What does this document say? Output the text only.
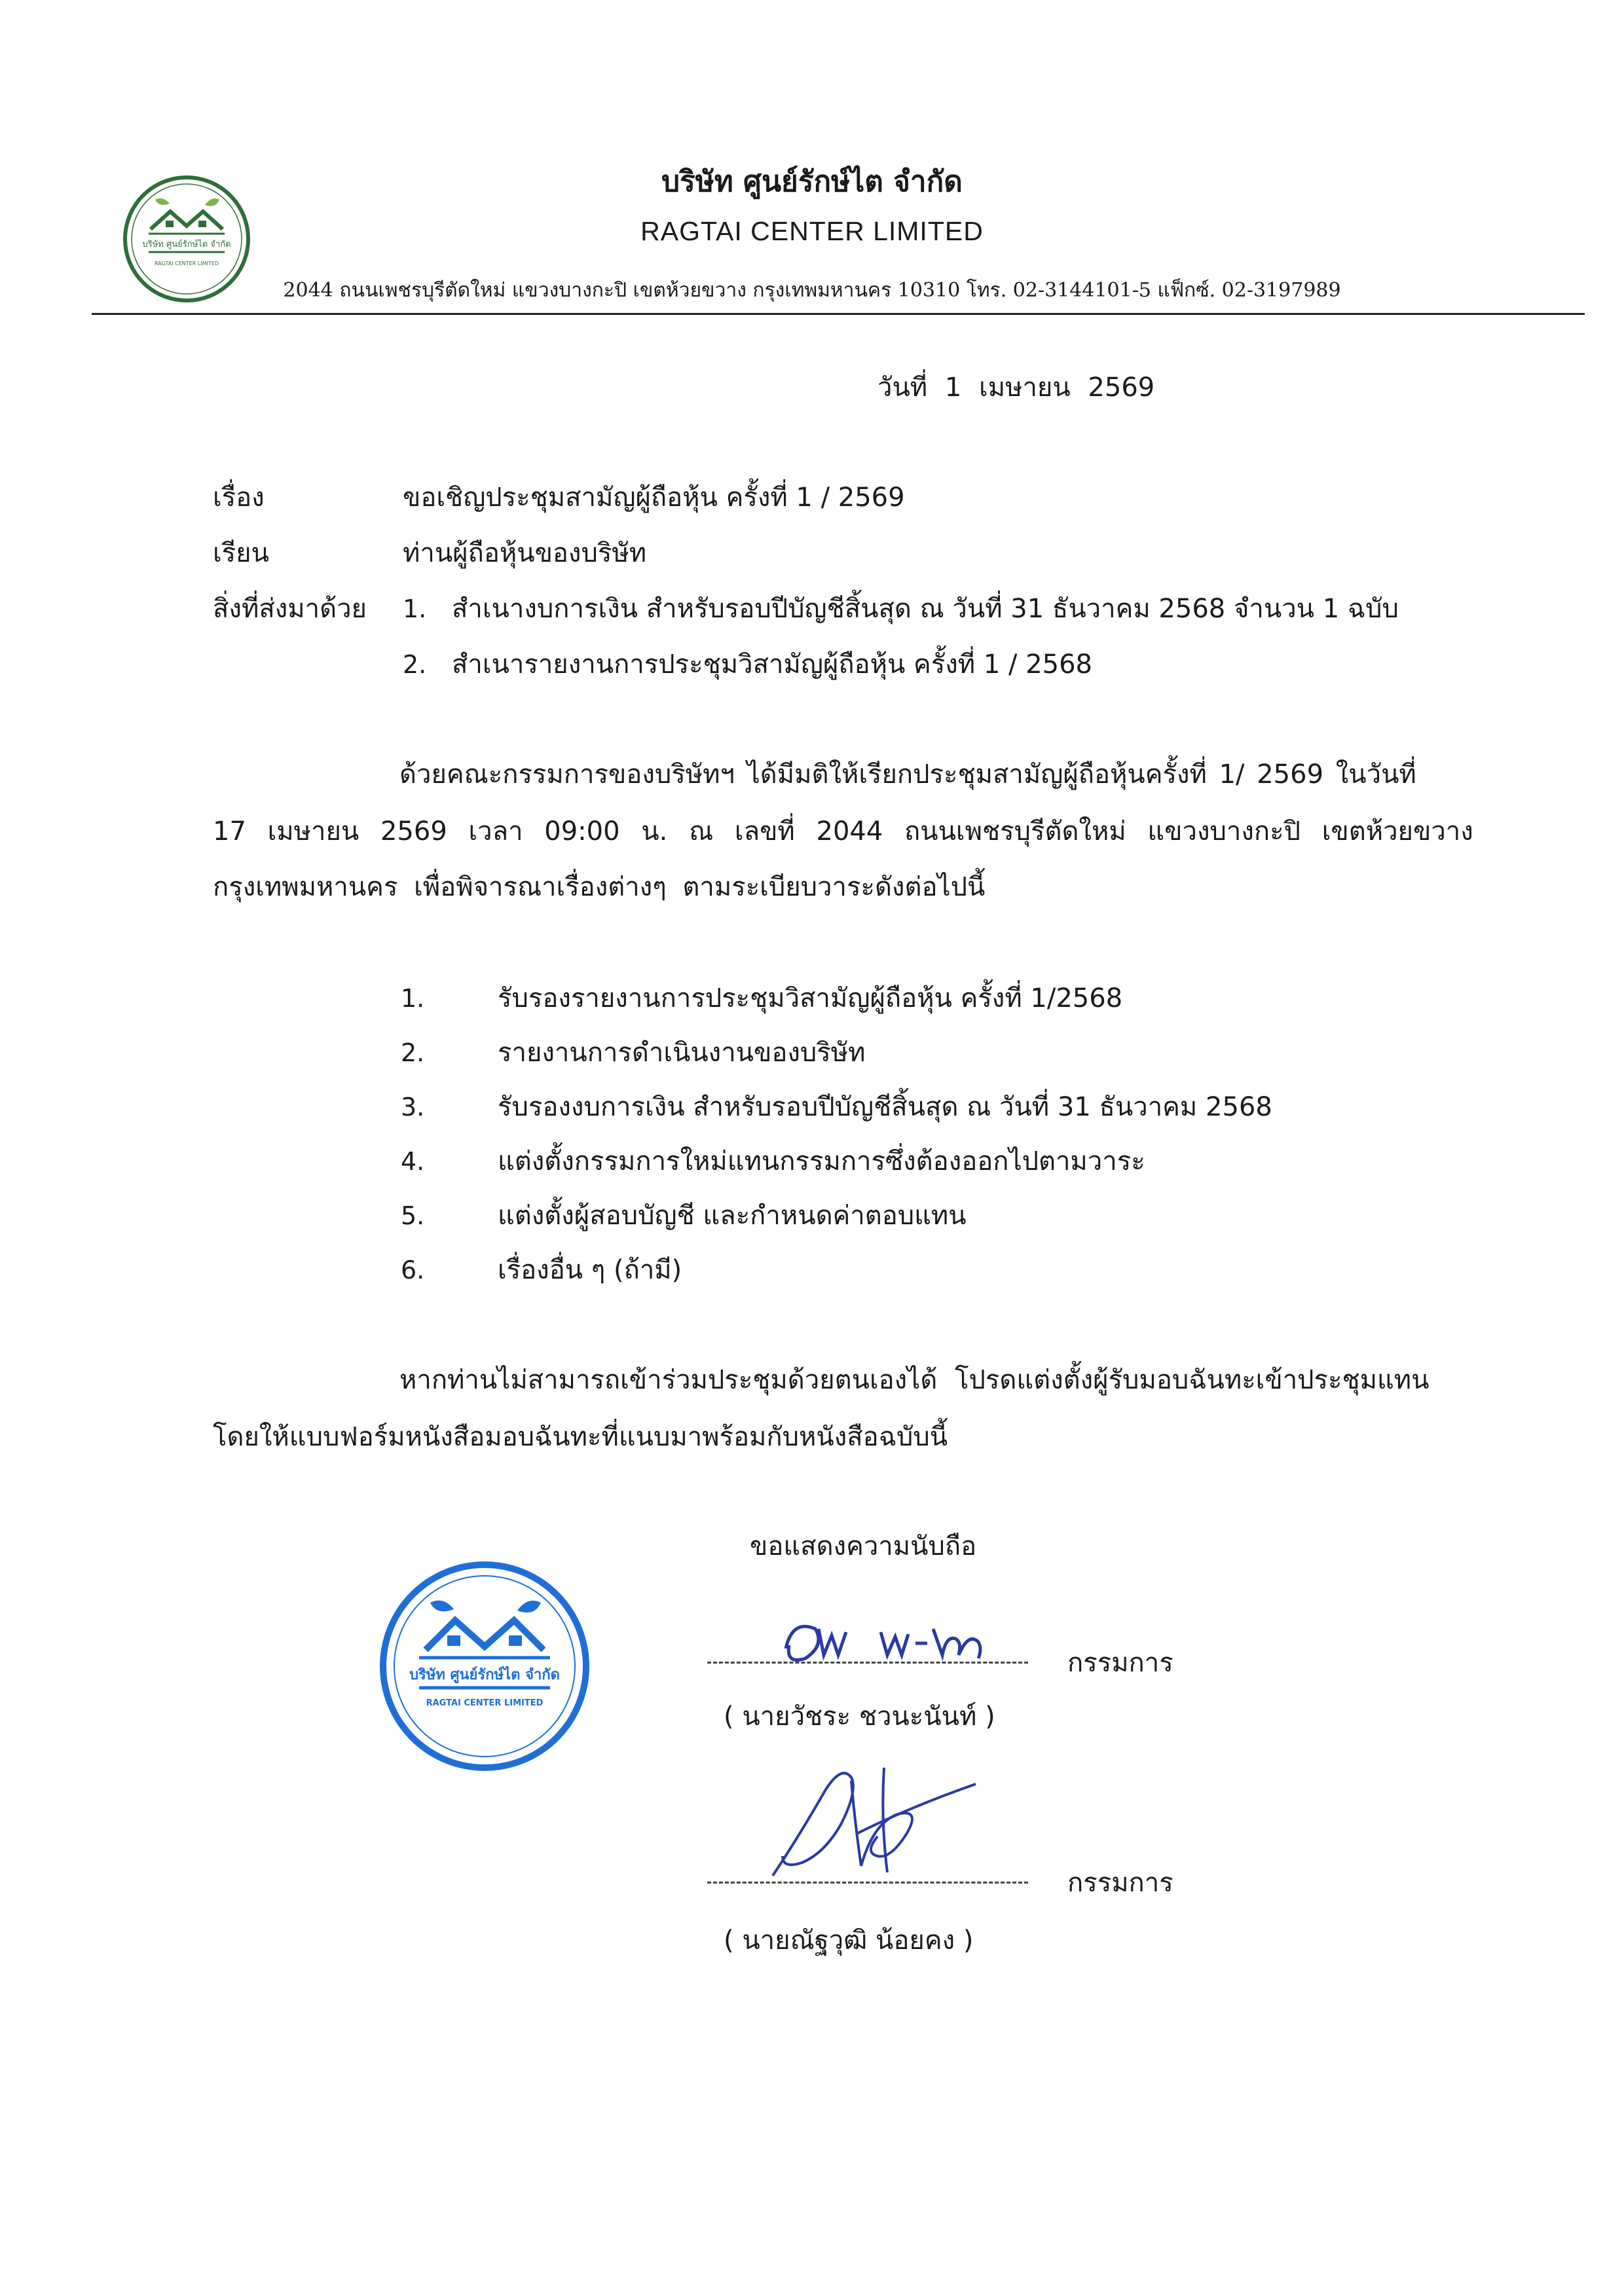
บริษัท ศูนย์รักษ์ไต จำกัด
RAGTAI CENTER LIMITED
บริษัท ศูนย์รักษ์ไต จำกัด
RAGTAI CENTER LIMITED
2044 ถนนเพชรบุรีตัดใหม่ แขวงบางกะปิ เขตห้วยขวาง กรุงเทพมหานคร 10310 โทร. 02-3144101-5 แฟ็กซ์. 02-3197989
วันที่ 1 เมษายน 2569
เรื่อง	ขอเชิญประชุมสามัญผู้ถือหุ้น ครั้งที่ 1 / 2569
เรียน	ท่านผู้ถือหุ้นของบริษัท
สิ่งที่ส่งมาด้วย 1. สำเนางบการเงิน สำหรับรอบปีบัญชีสิ้นสุด ณ วันที่ 31 ธันวาคม 2568 จำนวน 1 ฉบับ
2. สำเนารายงานการประชุมวิสามัญผู้ถือหุ้น ครั้งที่ 1 / 2568
ด้วยคณะกรรมการของบริษัทฯ ได้มีมติให้เรียกประชุมสามัญผู้ถือหุ้นครั้งที่ 1/ 2569 ในวันที่
17 เมษายน 2569 เวลา 09:00 น. ณ เลขที่ 2044 ถนนเพชรบุรีตัดใหม่ แขวงบางกะปิ เขตห้วยขวาง
กรุงเทพมหานคร เพื่อพิจารณาเรื่องต่างๆ ตามระเบียบวาระดังต่อไปนี้
1.	รับรองรายงานการประชุมวิสามัญผู้ถือหุ้น ครั้งที่ 1/2568
2.	รายงานการดำเนินงานของบริษัท
3.	รับรองงบการเงิน สำหรับรอบปีบัญชีสิ้นสุด ณ วันที่ 31 ธันวาคม 2568
4.	แต่งตั้งกรรมการใหม่แทนกรรมการซึ่งต้องออกไปตามวาระ
5.	แต่งตั้งผู้สอบบัญชี และกำหนดค่าตอบแทน
6.	เรื่องอื่น ๆ (ถ้ามี)
หากท่านไม่สามารถเข้าร่วมประชุมด้วยตนเองได้ โปรดแต่งตั้งผู้รับมอบฉันทะเข้าประชุมแทน
โดยให้แบบฟอร์มหนังสือมอบฉันทะที่แนบมาพร้อมกับหนังสือฉบับนี้
ขอแสดงความนับถือ
บริษัท ศูนย์รักษ์ไต จำกัด
RAGTAI CENTER LIMITED
กรรมการ
( นายวัชระ ชวนะนันท์ )
กรรมการ
( นายณัฐวุฒิ น้อยคง )
